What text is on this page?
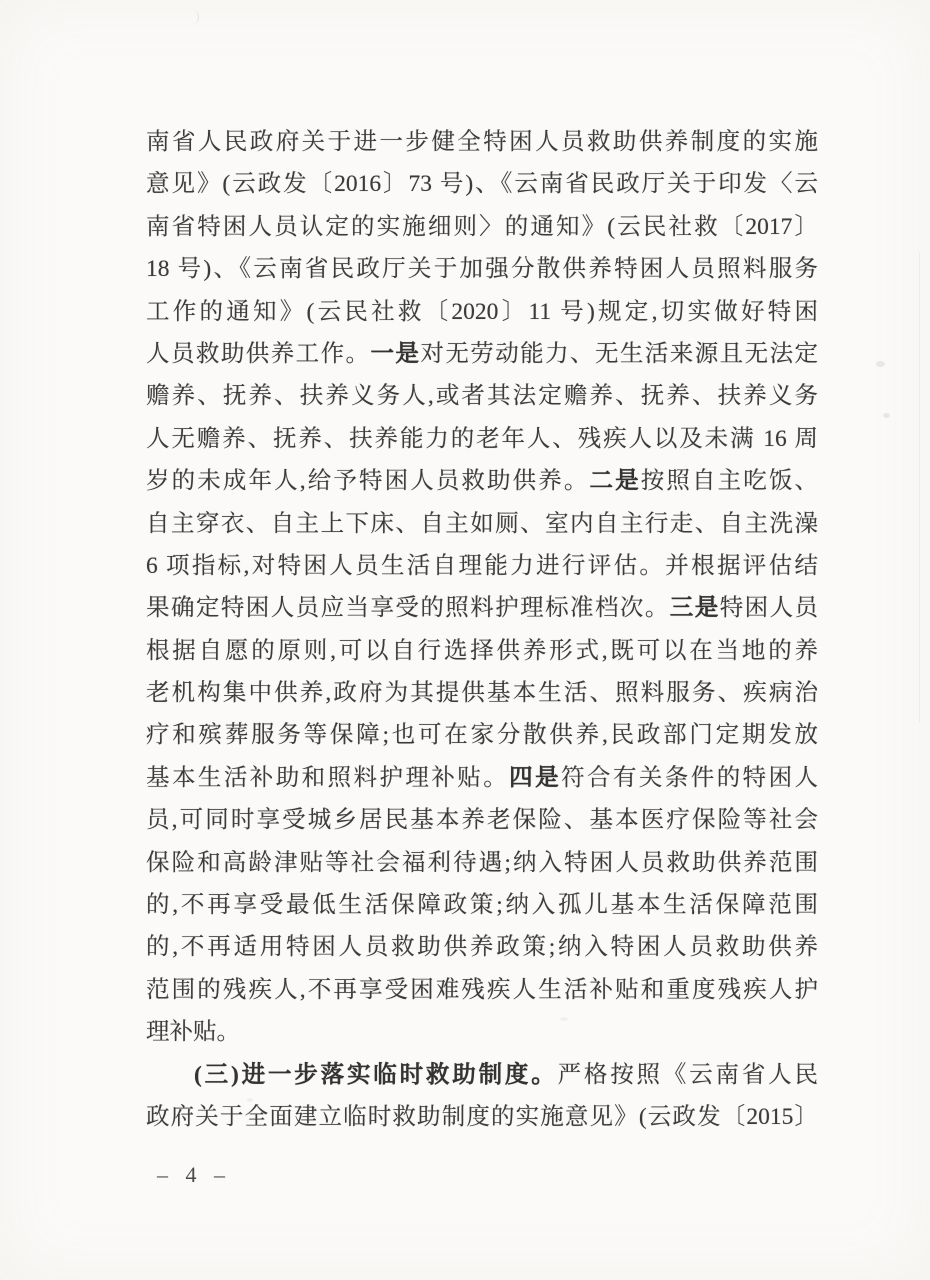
南省人民政府关于进一步健全特困人员救助供养制度的实施
意见》(云政发〔2016〕73 号)、《云南省民政厅关于印发〈云
南省特困人员认定的实施细则〉的通知》(云民社救〔2017〕
18 号)、《云南省民政厅关于加强分散供养特困人员照料服务
工作的通知》(云民社救〔2020〕11 号)规定,切实做好特困
人员救助供养工作。一是对无劳动能力、无生活来源且无法定
赡养、抚养、扶养义务人,或者其法定赡养、抚养、扶养义务
人无赡养、抚养、扶养能力的老年人、残疾人以及未满 16 周
岁的未成年人,给予特困人员救助供养。二是按照自主吃饭、
自主穿衣、自主上下床、自主如厕、室内自主行走、自主洗澡
6 项指标,对特困人员生活自理能力进行评估。并根据评估结
果确定特困人员应当享受的照料护理标准档次。三是特困人员
根据自愿的原则,可以自行选择供养形式,既可以在当地的养
老机构集中供养,政府为其提供基本生活、照料服务、疾病治
疗和殡葬服务等保障;也可在家分散供养,民政部门定期发放
基本生活补助和照料护理补贴。四是符合有关条件的特困人
员,可同时享受城乡居民基本养老保险、基本医疗保险等社会
保险和高龄津贴等社会福利待遇;纳入特困人员救助供养范围
的,不再享受最低生活保障政策;纳入孤儿基本生活保障范围
的,不再适用特困人员救助供养政策;纳入特困人员救助供养
范围的残疾人,不再享受困难残疾人生活补贴和重度残疾人护
理补贴。
(三)进一步落实临时救助制度。严格按照《云南省人民
政府关于全面建立临时救助制度的实施意见》(云政发〔2015〕
– 4 –
